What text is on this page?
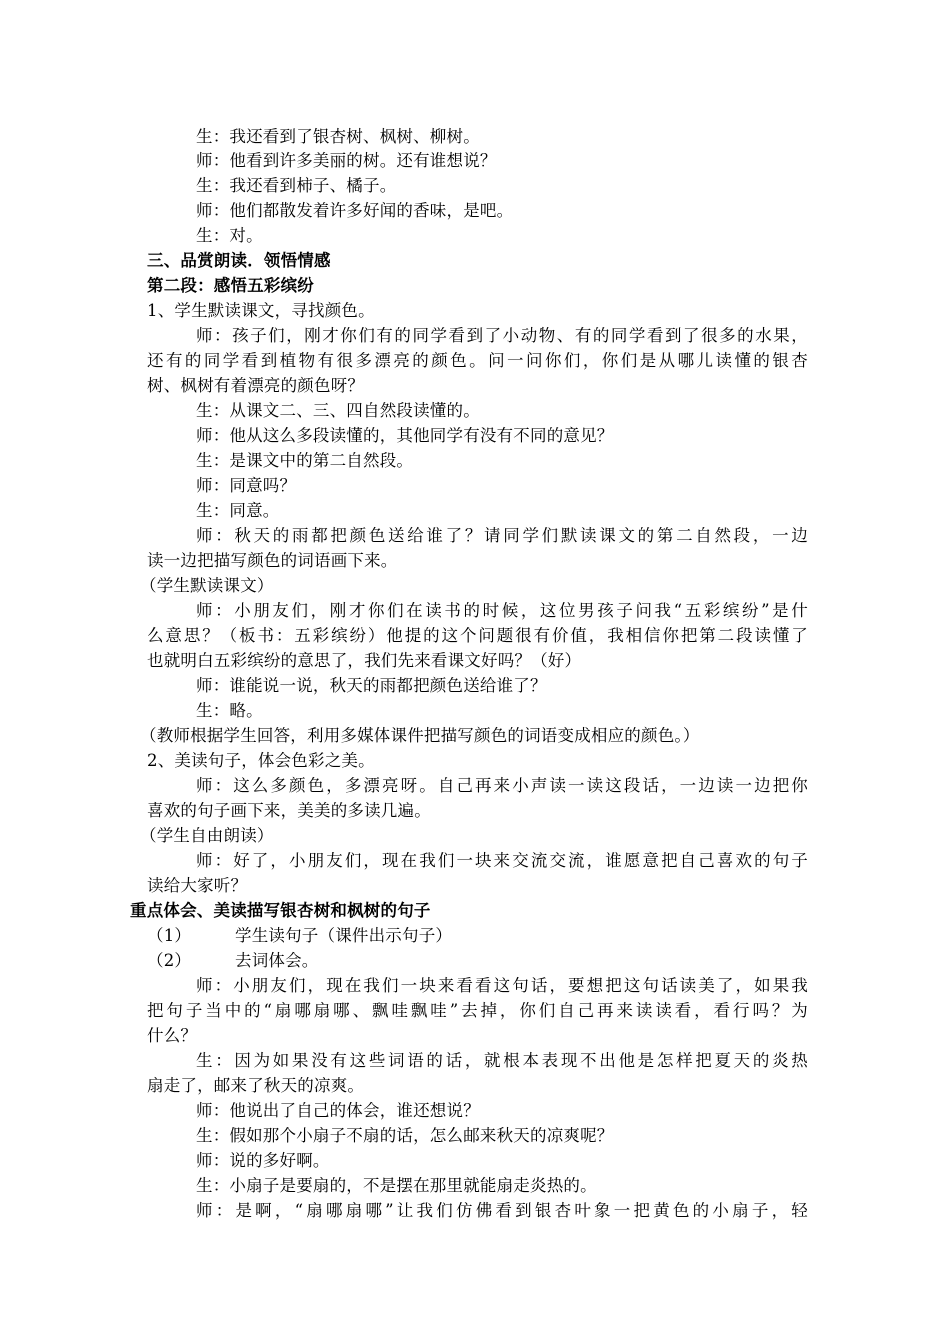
生：我还看到了银杏树、枫树、柳树。
师：他看到许多美丽的树。还有谁想说？
生：我还看到柿子、橘子。
师：他们都散发着许多好闻的香味，是吧。
生：对。
三、品赏朗读．领悟情感
第二段：感悟五彩缤纷
1、学生默读课文，寻找颜色。
师：孩子们，刚才你们有的同学看到了小动物、有的同学看到了很多的水果，
还有的同学看到植物有很多漂亮的颜色。问一问你们，你们是从哪儿读懂的银杏
树、枫树有着漂亮的颜色呀？
生：从课文二、三、四自然段读懂的。
师：他从这么多段读懂的，其他同学有没有不同的意见？
生：是课文中的第二自然段。
师：同意吗？
生：同意。
师：秋天的雨都把颜色送给谁了？请同学们默读课文的第二自然段，一边
读一边把描写颜色的词语画下来。
（学生默读课文）
师：小朋友们，刚才你们在读书的时候，这位男孩子问我“五彩缤纷”是什
么意思？（板书：五彩缤纷）他提的这个问题很有价值，我相信你把第二段读懂了
也就明白五彩缤纷的意思了，我们先来看课文好吗？（好）
师：谁能说一说，秋天的雨都把颜色送给谁了？
生：略。
（教师根据学生回答，利用多媒体课件把描写颜色的词语变成相应的颜色。）
2、美读句子，体会色彩之美。
师：这么多颜色，多漂亮呀。自己再来小声读一读这段话，一边读一边把你
喜欢的句子画下来，美美的多读几遍。
（学生自由朗读）
师：好了，小朋友们，现在我们一块来交流交流，谁愿意把自己喜欢的句子
读给大家听？
重点体会、美读描写银杏树和枫树的句子
（1）	学生读句子（课件出示句子）
（2）	去词体会。
师：小朋友们，现在我们一块来看看这句话，要想把这句话读美了，如果我
把句子当中的“扇哪扇哪、飘哇飘哇”去掉，你们自己再来读读看，看行吗？为
什么？
生：因为如果没有这些词语的话，就根本表现不出他是怎样把夏天的炎热
扇走了，邮来了秋天的凉爽。
师：他说出了自己的体会，谁还想说？
生：假如那个小扇子不扇的话，怎么邮来秋天的凉爽呢？
师：说的多好啊。
生：小扇子是要扇的，不是摆在那里就能扇走炎热的。
师：是啊，“扇哪扇哪”让我们仿佛看到银杏叶象一把黄色的小扇子，轻
